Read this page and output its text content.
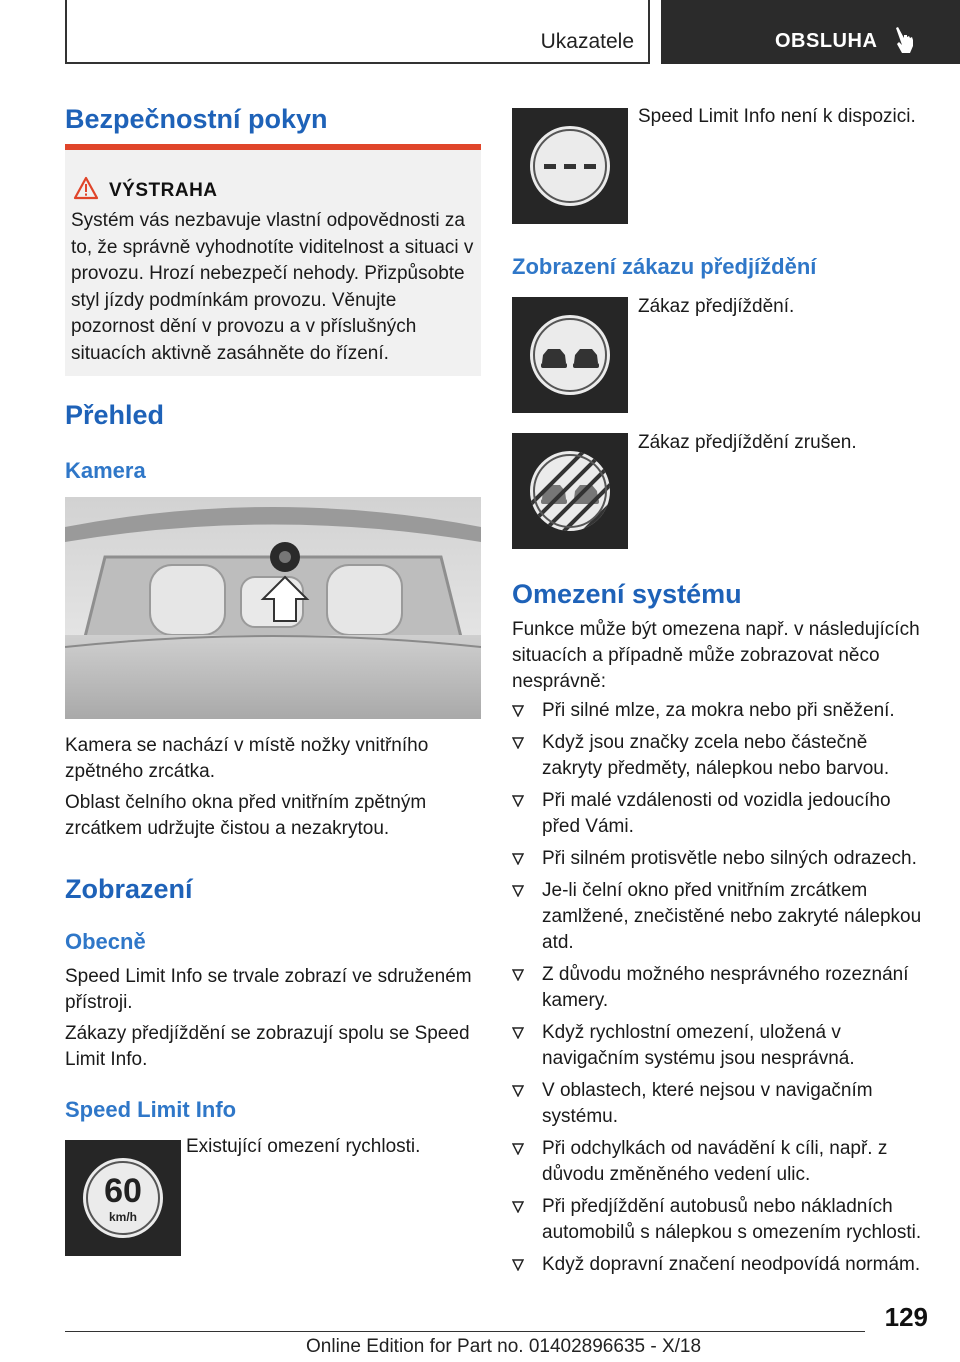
Ukazatele	OBSLUHA
Bezpečnostní pokyn
VÝSTRAHA
Systém vás nezbavuje vlastní odpovědnosti za to, že správně vyhodnotíte viditelnost a situaci v provozu. Hrozí nebezpečí nehody. Přizpůsobte styl jízdy podmínkám provozu. Věnujte pozornost dění v provozu a v příslušných situacích aktivně zasáhněte do řízení.
Přehled
Kamera

Kamera se nachází v místě nožky vnitřního zpětného zrcátka.

Oblast čelního okna před vnitřním zpětným zrcátkem udržujte čistou a nezakrytou.

Zobrazení
Obecně

Speed Limit Info se trvale zobrazí ve sdruženém přístroji.

Zákazy předjíždění se zobrazují spolu se Speed Limit Info.

Speed Limit Info
60
km/h

Existující omezení rychlosti.

Speed Limit Info není k dispozici.

Zobrazení zákazu předjíždění

Zákaz předjíždění.

Zákaz předjíždění zrušen.

Omezení systému

Funkce může být omezena např. v následujících situacích a případně může zobrazovat něco nesprávně:

Při silné mlze, za mokra nebo při sněžení.
Když jsou značky zcela nebo částečně zakryty předměty, nálepkou nebo barvou.
Při malé vzdálenosti od vozidla jedoucího před Vámi.
Při silném protisvětle nebo silných odrazech.
Je-li čelní okno před vnitřním zrcátkem zamlžené, znečistěné nebo zakryté nálepkou atd.
Z důvodu možného nesprávného rozeznání kamery.
Když rychlostní omezení, uložená v navigačním systému jsou nesprávná.
V oblastech, které nejsou v navigačním systému.
Při odchylkách od navádění k cíli, např. z důvodu změněného vedení ulic.
Při předjíždění autobusů nebo nákladních automobilů s nálepkou s omezením rychlosti.
Když dopravní značení neodpovídá normám.
129
Online Edition for Part no. 01402896635 - X/18
